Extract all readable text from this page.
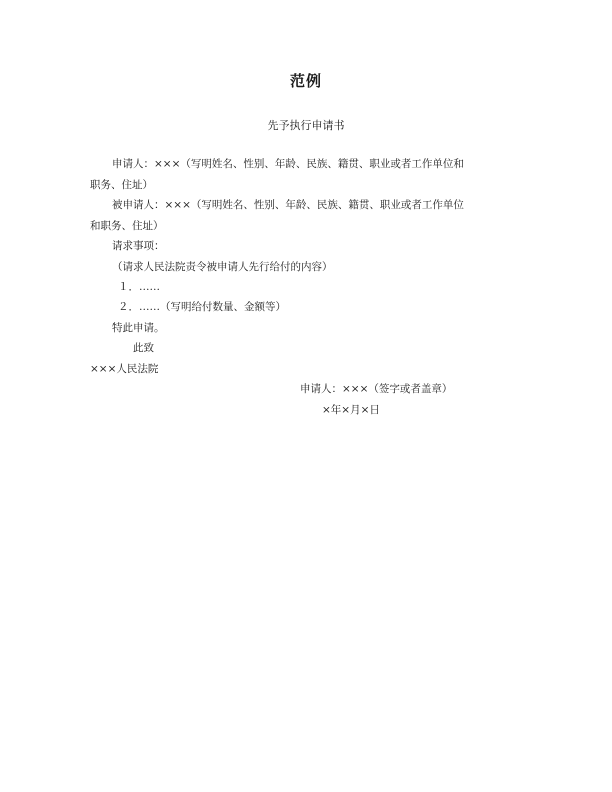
范例
先予执行申请书
申请人：×××（写明姓名、性别、年龄、民族、籍贯、职业或者工作单位和
职务、住址）
被申请人：×××（写明姓名、性别、年龄、民族、籍贯、职业或者工作单位
和职务、住址）
请求事项：
（请求人民法院责令被申请人先行给付的内容）
１．……
２．……（写明给付数量、金额等）
特此申请。
此致
×××人民法院
申请人：×××（签字或者盖章）
×年×月×日
